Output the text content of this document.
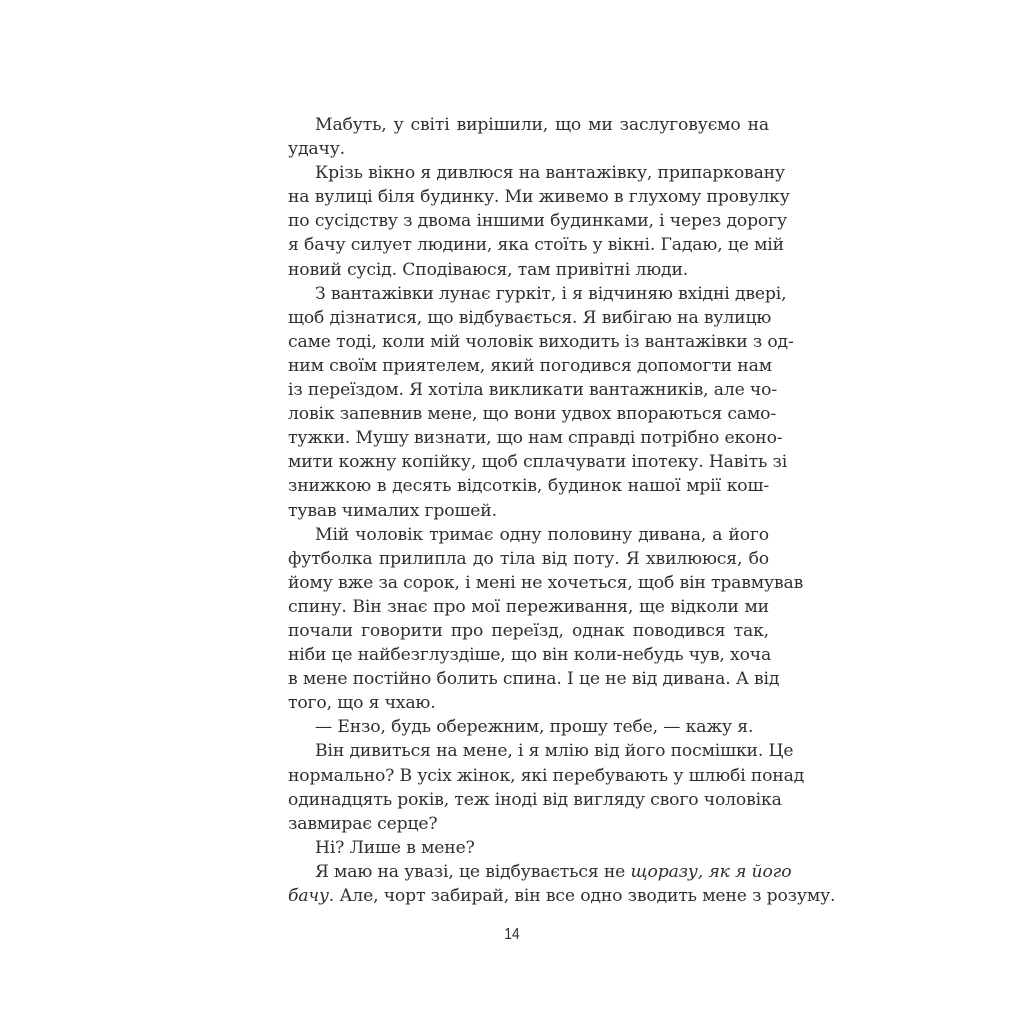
Мабуть, у світі вирішили, що ми заслуговуємо на
удачу.
Крізь вікно я дивлюся на вантажівку, припарковану
на вулиці біля будинку. Ми живемо в глухому провулку
по сусідству з двома іншими будинками, і через дорогу
я бачу силует людини, яка стоїть у вікні. Гадаю, це мій
новий сусід. Сподіваюся, там привітні люди.
З вантажівки лунає гуркіт, і я відчиняю вхідні двері,
щоб дізнатися, що відбувається. Я вибігаю на вулицю
саме тоді, коли мій чоловік виходить із вантажівки з од-
ним своїм приятелем, який погодився допомогти нам
із переїздом. Я хотіла викликати вантажників, але чо-
ловік запевнив мене, що вони удвох впораються само-
тужки. Мушу визнати, що нам справді потрібно еконо-
мити кожну копійку, щоб сплачувати іпотеку. Навіть зі
знижкою в десять відсотків, будинок нашої мрії кош-
тував чималих грошей.
Мій чоловік тримає одну половину дивана, а його
футболка прилипла до тіла від поту. Я хвилююся, бо
йому вже за сорок, і мені не хочеться, щоб він травмував
спину. Він знає про мої переживання, ще відколи ми
почали говорити про переїзд, однак поводився так,
ніби це найбезглуздіше, що він коли-небудь чув, хоча
в мене постійно болить спина. І це не від дивана. А від
того, що я чхаю.
— Ензо, будь обережним, прошу тебе, — кажу я.
Він дивиться на мене, і я млію від його посмішки. Це
нормально? В усіх жінок, які перебувають у шлюбі понад
одинадцять років, теж іноді від вигляду свого чоловіка
завмирає серце?
Ні? Лише в мене?
Я маю на увазі, це відбувається не щоразу, як я його
бачу. Але, чорт забирай, він все одно зводить мене з розуму.
14
